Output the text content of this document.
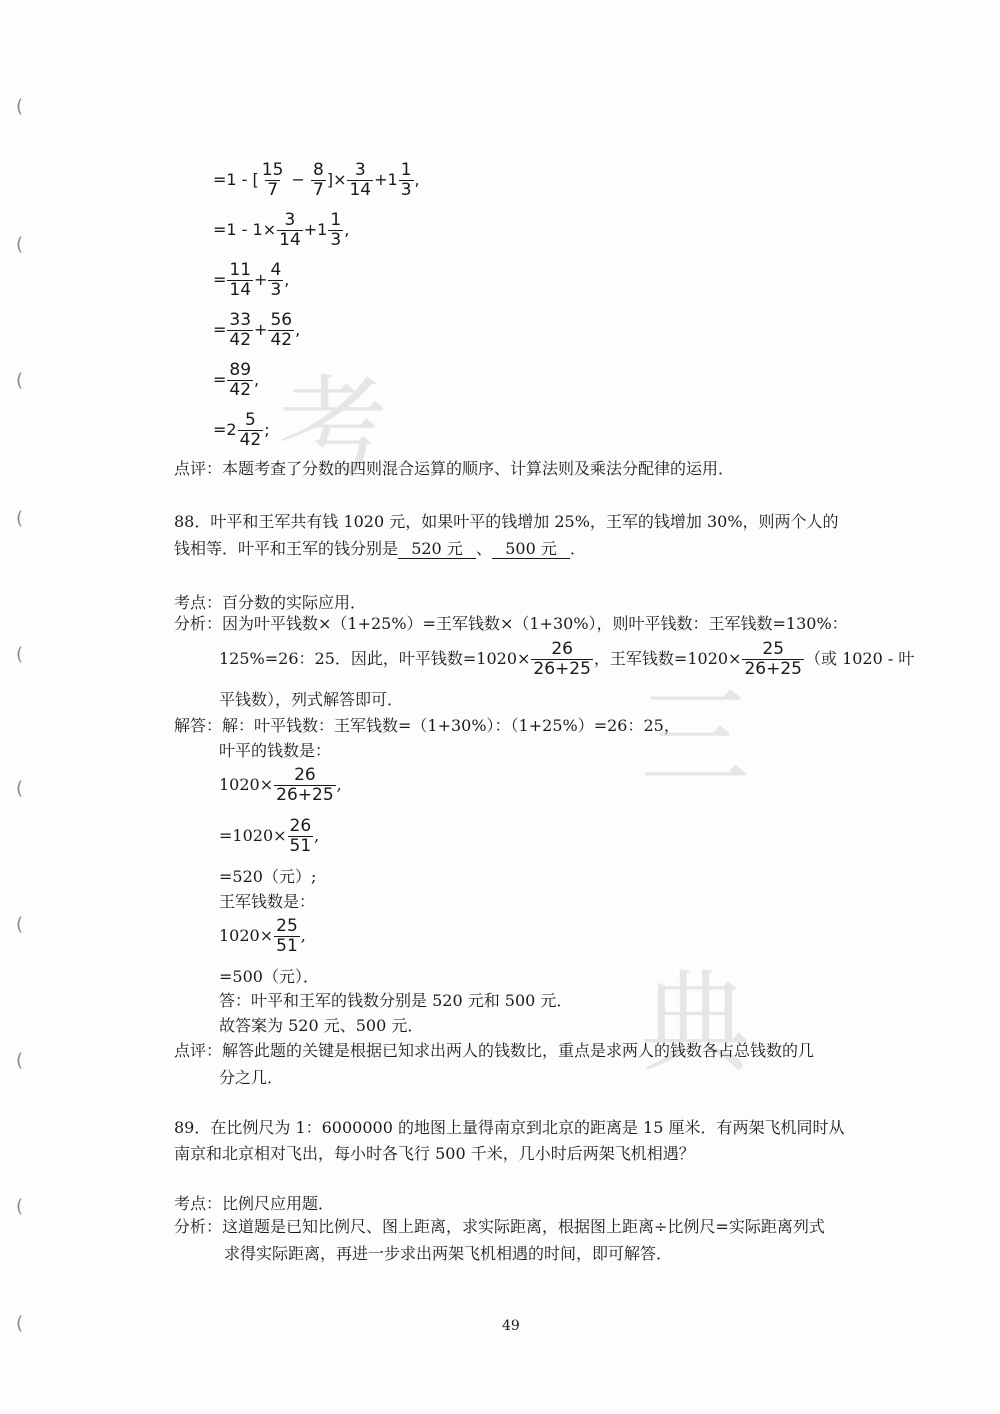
考
三
典
(
(
(
(
(
(
(
(
(
(
=1 - [ $\frac{15}{7} - \frac{8}{7}$ ]× $\frac{3}{14} +1 \frac{1}{3}$ ,
$=1 - 1\times \frac{3}{14} +1 \frac{1}{3}$ ,
= $\frac{11}{14} + \frac{4}{3}$ ,
= $\frac{33}{42} + \frac{56}{42}$ ,
= $\frac{89}{42}$ ,
$=2 \frac{5}{42}$ ;
点评：本题考查了分数的四则混合运算的顺序、计算法则及乘法分配律的运用．
88．叶平和王军共有钱 1020 元，如果叶平的钱增加 25%，王军的钱增加 30%，则两个人的
钱相等．叶平和王军的钱分别是 520 元 、 500 元 ．
考点：百分数的实际应用．
分析：因为叶平钱数×（1+25%）=王军钱数×（1+30%），则叶平钱数：王军钱数=130%：
125%=26：25．因此，叶平钱数$=1020\times \frac{26}{26+25}$ ，王军钱数$=1020\times \frac{25}{26+25}$ （或 1020 - 叶
平钱数），列式解答即可．
解答：解：叶平钱数：王军钱数=（1+30%）：（1+25%）=26：25，
叶平的钱数是：
$1020\times \frac{26}{26+25}$ ,
$=1020\times \frac{26}{51}$ ,
=520（元）;
王军钱数是：
$1020\times \frac{25}{51}$ ,
=500（元）．
答：叶平和王军的钱数分别是 520 元和 500 元．
故答案为 520 元、500 元．
点评：解答此题的关键是根据已知求出两人的钱数比，重点是求两人的钱数各占总钱数的几
分之几．
89．在比例尺为 1：6000000 的地图上量得南京到北京的距离是 15 厘米．有两架飞机同时从
南京和北京相对飞出，每小时各飞行 500 千米，几小时后两架飞机相遇？
考点：比例尺应用题．
分析：这道题是已知比例尺、图上距离，求实际距离，根据图上距离÷比例尺=实际距离列式
求得实际距离，再进一步求出两架飞机相遇的时间，即可解答．
49
